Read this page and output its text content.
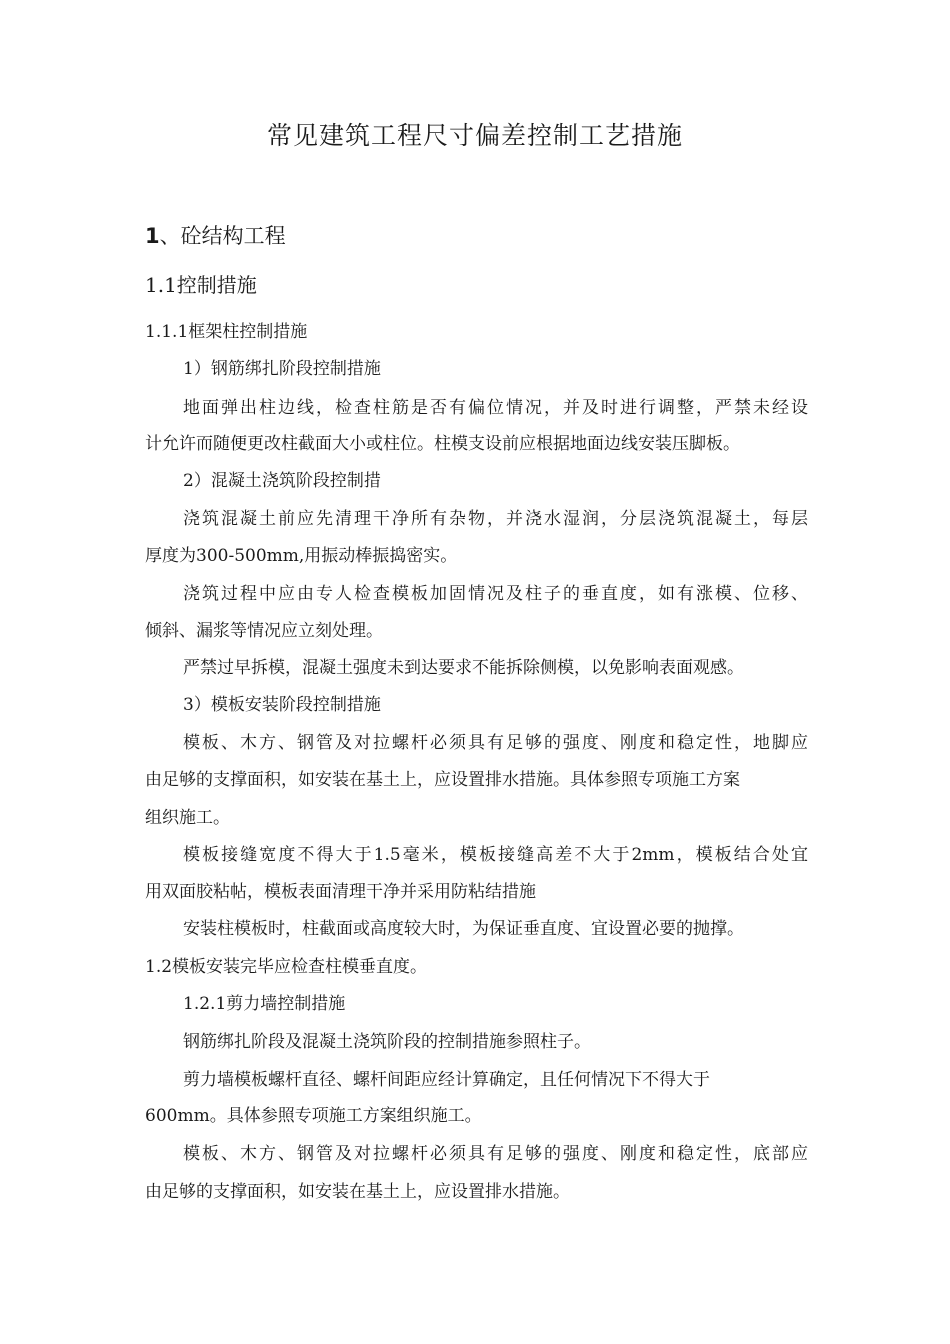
常见建筑工程尺寸偏差控制工艺措施
1、砼结构工程
1.1控制措施
1.1.1框架柱控制措施
1）钢筋绑扎阶段控制措施
地面弹出柱边线，检查柱筋是否有偏位情况，并及时进行调整，严禁未经设
计允许而随便更改柱截面大小或柱位。柱模支设前应根据地面边线安装压脚板。
2）混凝土浇筑阶段控制措
浇筑混凝土前应先清理干净所有杂物，并浇水湿润，分层浇筑混凝土，每层
厚度为300-500mm,用振动棒振捣密实。
浇筑过程中应由专人检查模板加固情况及柱子的垂直度，如有涨模、位移、
倾斜、漏浆等情况应立刻处理。
严禁过早拆模，混凝土强度未到达要求不能拆除侧模，以免影响表面观感。
3）模板安装阶段控制措施
模板、木方、钢管及对拉螺杆必须具有足够的强度、刚度和稳定性，地脚应
由足够的支撑面积，如安装在基土上，应设置排水措施。具体参照专项施工方案
组织施工。
模板接缝宽度不得大于1.5毫米，模板接缝高差不大于2mm，模板结合处宜
用双面胶粘帖，模板表面清理干净并采用防粘结措施
安装柱模板时，柱截面或高度较大时，为保证垂直度、宜设置必要的抛撑。
1.2模板安装完毕应检查柱模垂直度。
1.2.1剪力墙控制措施
钢筋绑扎阶段及混凝土浇筑阶段的控制措施参照柱子。
剪力墙模板螺杆直径、螺杆间距应经计算确定，且任何情况下不得大于
600mm。具体参照专项施工方案组织施工。
模板、木方、钢管及对拉螺杆必须具有足够的强度、刚度和稳定性，底部应
由足够的支撑面积，如安装在基土上，应设置排水措施。
